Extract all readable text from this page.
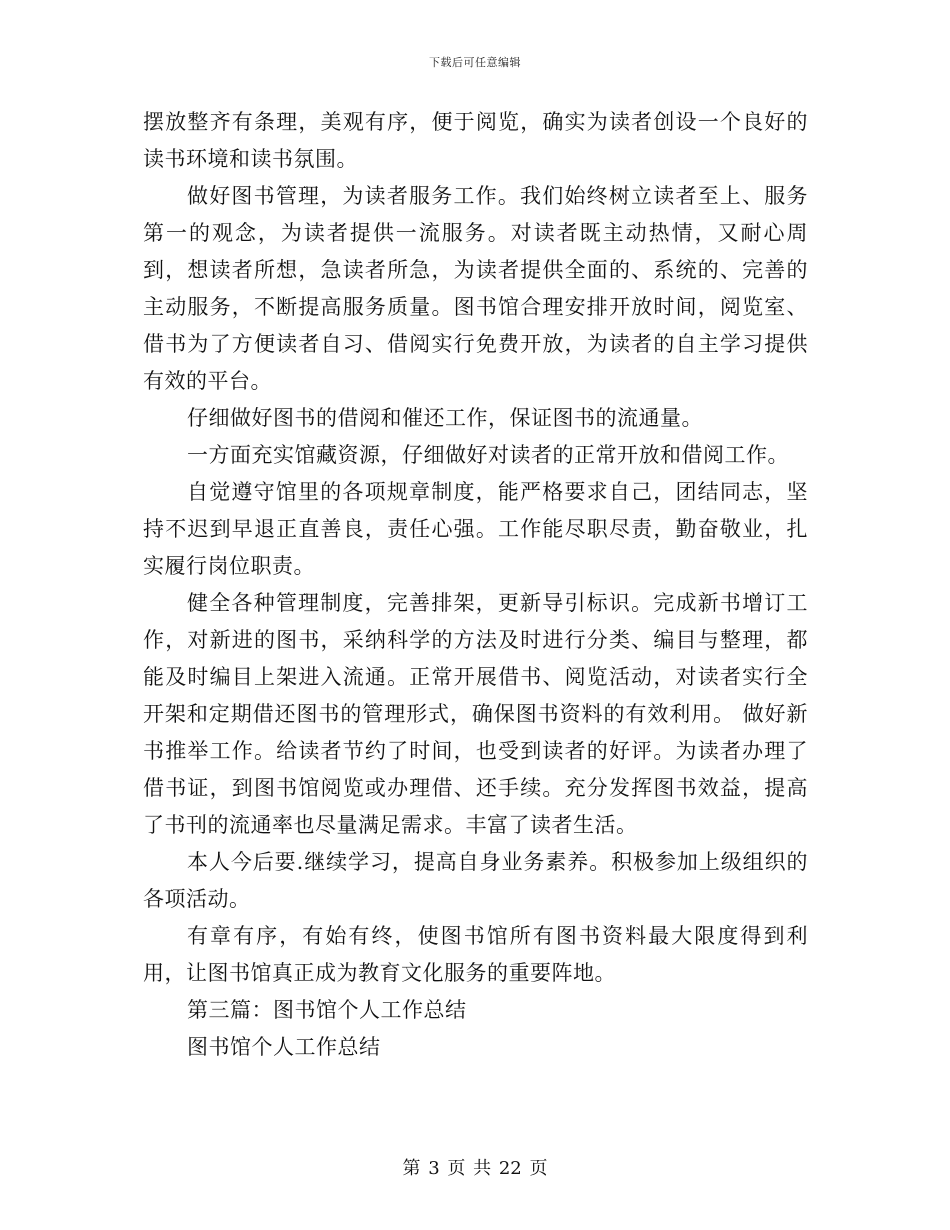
下载后可任意编辑

摆放整齐有条理，美观有序，便于阅览，确实为读者创设一个良好的读书环境和读书氛围。

做好图书管理，为读者服务工作。我们始终树立读者至上、服务第一的观念，为读者提供一流服务。对读者既主动热情，又耐心周到，想读者所想，急读者所急，为读者提供全面的、系统的、完善的主动服务，不断提高服务质量。图书馆合理安排开放时间，阅览室、借书为了方便读者自习、借阅实行免费开放，为读者的自主学习提供有效的平台。

仔细做好图书的借阅和催还工作，保证图书的流通量。

一方面充实馆藏资源，仔细做好对读者的正常开放和借阅工作。

自觉遵守馆里的各项规章制度，能严格要求自己，团结同志，坚持不迟到早退正直善良，责任心强。工作能尽职尽责，勤奋敬业，扎实履行岗位职责。

健全各种管理制度，完善排架，更新导引标识。完成新书增订工作，对新进的图书，采纳科学的方法及时进行分类、编目与整理，都能及时编目上架进入流通。正常开展借书、阅览活动，对读者实行全开架和定期借还图书的管理形式，确保图书资料的有效利用。 做好新书推举工作。给读者节约了时间，也受到读者的好评。为读者办理了借书证，到图书馆阅览或办理借、还手续。充分发挥图书效益，提高了书刊的流通率也尽量满足需求。丰富了读者生活。

本人今后要.继续学习，提高自身业务素养。积极参加上级组织的各项活动。

有章有序，有始有终，使图书馆所有图书资料最大限度得到利用，让图书馆真正成为教育文化服务的重要阵地。

第三篇：图书馆个人工作总结

图书馆个人工作总结

第 3 页 共 22 页
